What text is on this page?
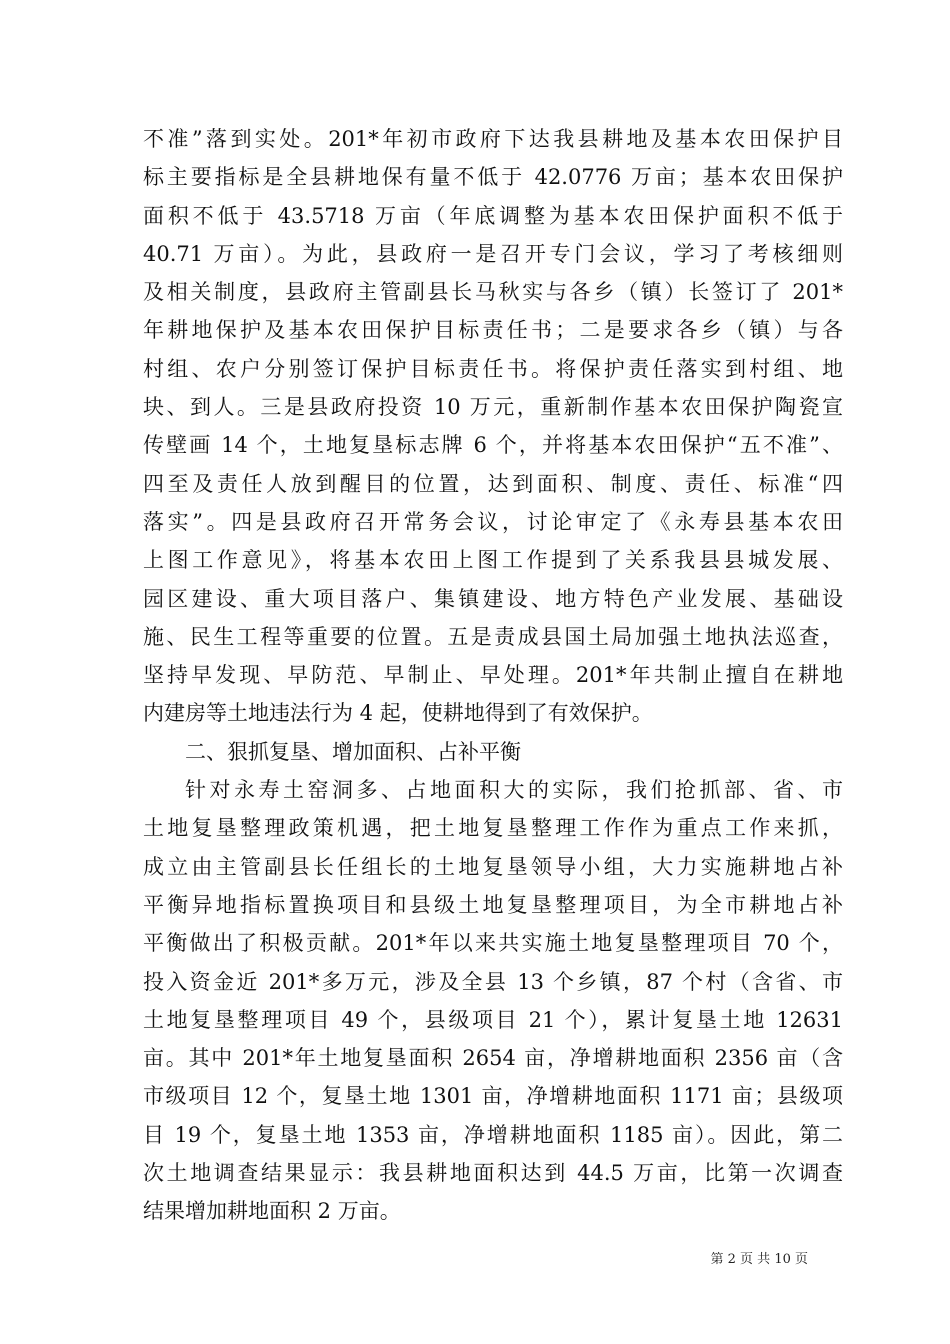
不准”落到实处。201*年初市政府下达我县耕地及基本农田保护目
标主要指标是全县耕地保有量不低于 42.0776 万亩；基本农田保护
面积不低于 43.5718 万亩（年底调整为基本农田保护面积不低于
40.71 万亩）。为此，县政府一是召开专门会议，学习了考核细则
及相关制度，县政府主管副县长马秋实与各乡（镇）长签订了 201*
年耕地保护及基本农田保护目标责任书；二是要求各乡（镇）与各
村组、农户分别签订保护目标责任书。将保护责任落实到村组、地
块、到人。三是县政府投资 10 万元，重新制作基本农田保护陶瓷宣
传壁画 14 个，土地复垦标志牌 6 个，并将基本农田保护“五不准”、
四至及责任人放到醒目的位置，达到面积、制度、责任、标准“四
落实”。四是县政府召开常务会议，讨论审定了《永寿县基本农田
上图工作意见》，将基本农田上图工作提到了关系我县县城发展、
园区建设、重大项目落户、集镇建设、地方特色产业发展、基础设
施、民生工程等重要的位置。五是责成县国土局加强土地执法巡查，
坚持早发现、早防范、早制止、早处理。201*年共制止擅自在耕地
内建房等土地违法行为 4 起，使耕地得到了有效保护。
二、狠抓复垦、增加面积、占补平衡
针对永寿土窑洞多、占地面积大的实际，我们抢抓部、省、市
土地复垦整理政策机遇，把土地复垦整理工作作为重点工作来抓，
成立由主管副县长任组长的土地复垦领导小组，大力实施耕地占补
平衡异地指标置换项目和县级土地复垦整理项目，为全市耕地占补
平衡做出了积极贡献。201*年以来共实施土地复垦整理项目 70 个，
投入资金近 201*多万元，涉及全县 13 个乡镇，87 个村（含省、市
土地复垦整理项目 49 个，县级项目 21 个），累计复垦土地 12631
亩。其中 201*年土地复垦面积 2654 亩，净增耕地面积 2356 亩（含
市级项目 12 个，复垦土地 1301 亩，净增耕地面积 1171 亩；县级项
目 19 个，复垦土地 1353 亩，净增耕地面积 1185 亩）。因此，第二
次土地调查结果显示：我县耕地面积达到 44.5 万亩，比第一次调查
结果增加耕地面积 2 万亩。
第 2 页 共 10 页
